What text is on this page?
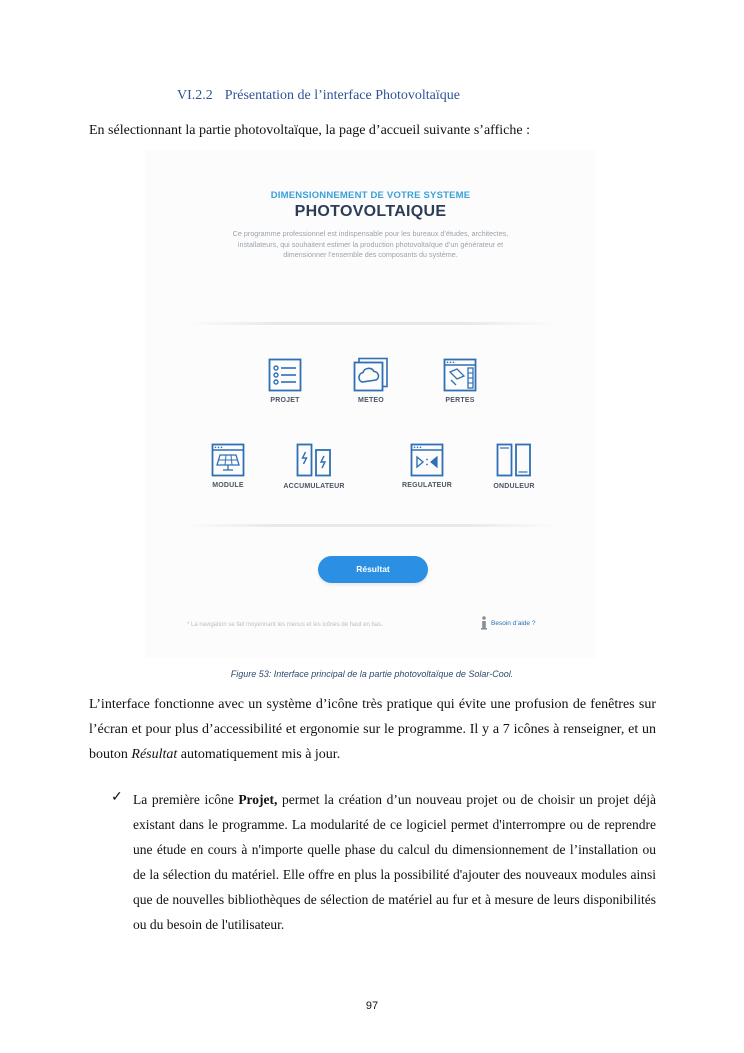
VI.2.2 Présentation de l’interface Photovoltaïque
En sélectionnant la partie photovoltaïque, la page d’accueil suivante s’affiche :
DIMENSIONNEMENT DE VOTRE SYSTEME
PHOTOVOLTAIQUE
Ce programme professionnel est indispensable pour les bureaux d’études, architectes, installateurs, qui souhaitent estimer la production photovoltaïque d’un générateur et dimensionner l’ensemble des composants du système.
PROJET	METEO	PERTES
MODULE	ACCUMULATEUR	REGULATEUR	ONDULEUR
Résultat
* La navigation se fait moyennant les menus et les icônes de haut en bas.	Besoin d’aide ?
Figure 53: Interface principal de la partie photovoltaïque de Solar-Cool.
L’interface fonctionne avec un système d’icône très pratique qui évite une profusion de fenêtres sur l’écran et pour plus d’accessibilité et ergonomie sur le programme. Il y a 7 icônes à renseigner, et un bouton Résultat automatiquement mis à jour.
✓ La première icône Projet, permet la création d’un nouveau projet ou de choisir un projet déjà existant dans le programme. La modularité de ce logiciel permet d'interrompre ou de reprendre une étude en cours à n'importe quelle phase du calcul du dimensionnement de l’installation ou de la sélection du matériel. Elle offre en plus la possibilité d'ajouter des nouveaux modules ainsi que de nouvelles bibliothèques de sélection de matériel au fur et à mesure de leurs disponibilités ou du besoin de l'utilisateur.
97
